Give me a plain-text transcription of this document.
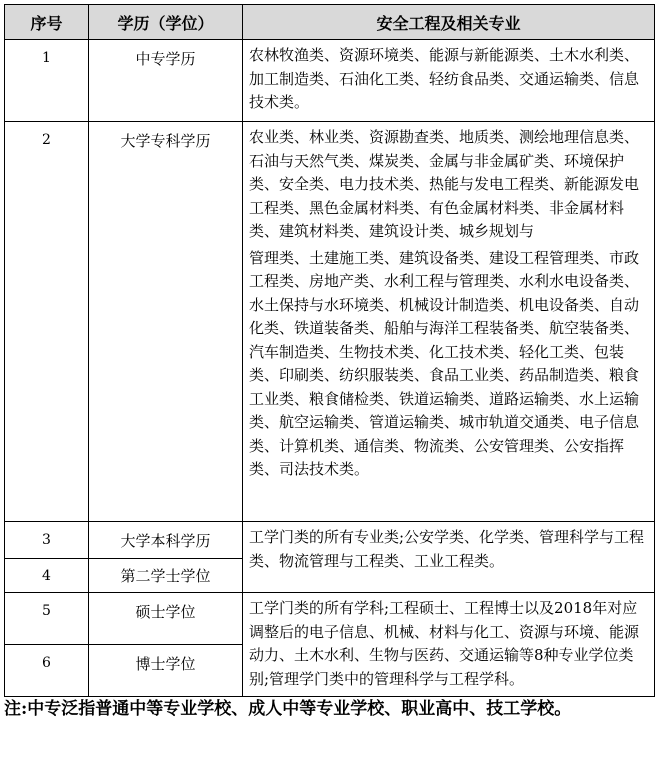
序号	学历（学位）	安全工程及相关专业
1	中专学历	农林牧渔类、资源环境类、能源与新能源类、土木水利类、加工制造类、石油化工类、轻纺食品类、交通运输类、信息技术类。

2	大学专科学历	农业类、林业类、资源勘查类、地质类、测绘地理信息类、石油与天然气类、煤炭类、金属与非金属矿类、环境保护类、安全类、电力技术类、热能与发电工程类、新能源发电工程类、黑色金属材料类、有色金属材料类、非金属材料类、建筑材料类、建筑设计类、城乡规划与

管理类、土建施工类、建筑设备类、建设工程管理类、市政工程类、房地产类、水利工程与管理类、水利水电设备类、水土保持与水环境类、机械设计制造类、机电设备类、自动化类、铁道装备类、船舶与海洋工程装备类、航空装备类、汽车制造类、生物技术类、化工技术类、轻化工类、包装类、印刷类、纺织服装类、食品工业类、药品制造类、粮食工业类、粮食储检类、铁道运输类、道路运输类、水上运输类、航空运输类、管道运输类、城市轨道交通类、电子信息类、计算机类、通信类、物流类、公安管理类、公安指挥类、司法技术类。

3	大学本科学历	工学门类的所有专业类;公安学类、化学类、管理科学与工程类、物流管理与工程类、工业工程类。

4	第二学士学位	
5	硕士学位	工学门类的所有学科;工程硕士、工程博士以及2018年对应调整后的电子信息、机械、材料与化工、资源与环境、能源动力、土木水利、生物与医药、交通运输等8种专业学位类别;管理学门类中的管理科学与工程学科。

6	博士学位	
注:中专泛指普通中等专业学校、成人中等专业学校、职业高中、技工学校。
